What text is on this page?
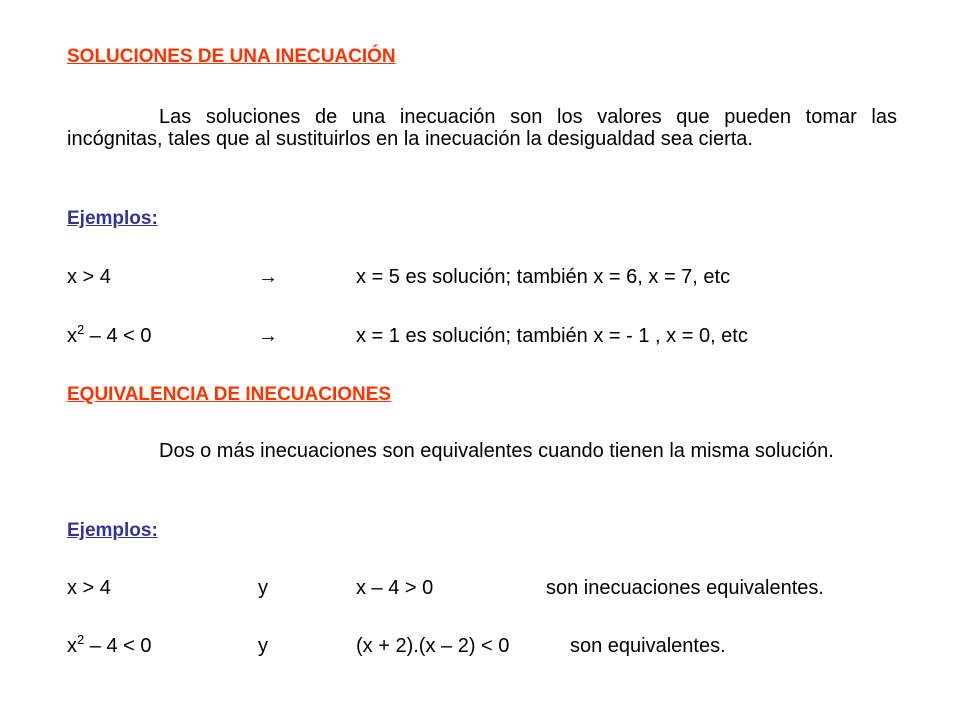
SOLUCIONES DE UNA INECUACIÓN
Las soluciones de una inecuación son los valores que pueden tomar las incógnitas, tales que al sustituirlos en la inecuación la desigualdad sea cierta.
Ejemplos:
x > 4	→	x = 5 es solución; también x = 6, x = 7, etc
$x^2 - 4 < 0$	→	x = 1 es solución; también x = - 1 , x = 0, etc
EQUIVALENCIA DE INECUACIONES
Dos o más inecuaciones son equivalentes cuando tienen la misma solución.
Ejemplos:
x > 4	y	x – 4 > 0	son inecuaciones equivalentes.
$x^2 - 4 < 0$	y	(x + 2).(x – 2) < 0	son equivalentes.
